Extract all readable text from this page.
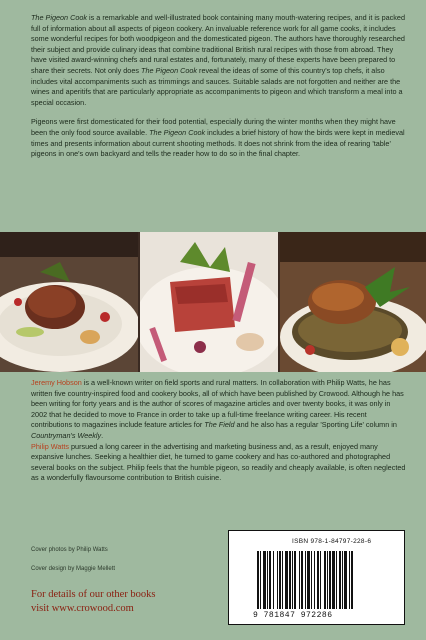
The Pigeon Cook is a remarkable and well-illustrated book containing many mouth-watering recipes, and it is packed full of information about all aspects of pigeon cookery. An invaluable reference work for all game cooks, it includes some wonderful recipes for both woodpigeon and the domesticated pigeon. The authors have thoroughly researched their subject and provide culinary ideas that combine traditional British rural recipes with those from abroad. They have visited award-winning chefs and rural estates and, fortunately, many of these experts have been prepared to share their secrets. Not only does The Pigeon Cook reveal the ideas of some of this country's top chefs, it also includes vital accompaniments such as trimmings and sauces. Suitable salads are not forgotten and neither are the wines and aperitifs that are particularly appropriate as accompaniments to pigeon and which transform a meal into a special occasion.

Pigeons were first domesticated for their food potential, especially during the winter months when they might have been the only food source available. The Pigeon Cook includes a brief history of how the birds were kept in medieval times and presents information about current shooting methods. It does not shrink from the idea of rearing 'table' pigeons in one's own backyard and tells the reader how to do so in the final chapter.

Jeremy Hobson is a well-known writer on field sports and rural matters. In collaboration with Philip Watts, he has written five country-inspired food and cookery books, all of which have been published by Crowood. Although he has been writing for forty years and is the author of scores of magazine articles and over twenty books, it was only in 2002 that he decided to move to France in order to take up a full-time freelance writing career. His recent contributions to magazines include feature articles for The Field and he also has a regular 'Sporting Life' column in Countryman's Weekly.

Philip Watts pursued a long career in the advertising and marketing business and, as a result, enjoyed many expansive lunches. Seeking a healthier diet, he turned to game cookery and has co-authored and photographed several books on the subject. Philip feels that the humble pigeon, so readily and cheaply available, is often neglected as a wonderfully flavoursome contribution to British cuisine.

Cover photos by Philip Watts
Cover design by Maggie Mellett
For details of our other books
visit www.crowood.com
ISBN 978-1-84797-228-6
9 781847 972286
